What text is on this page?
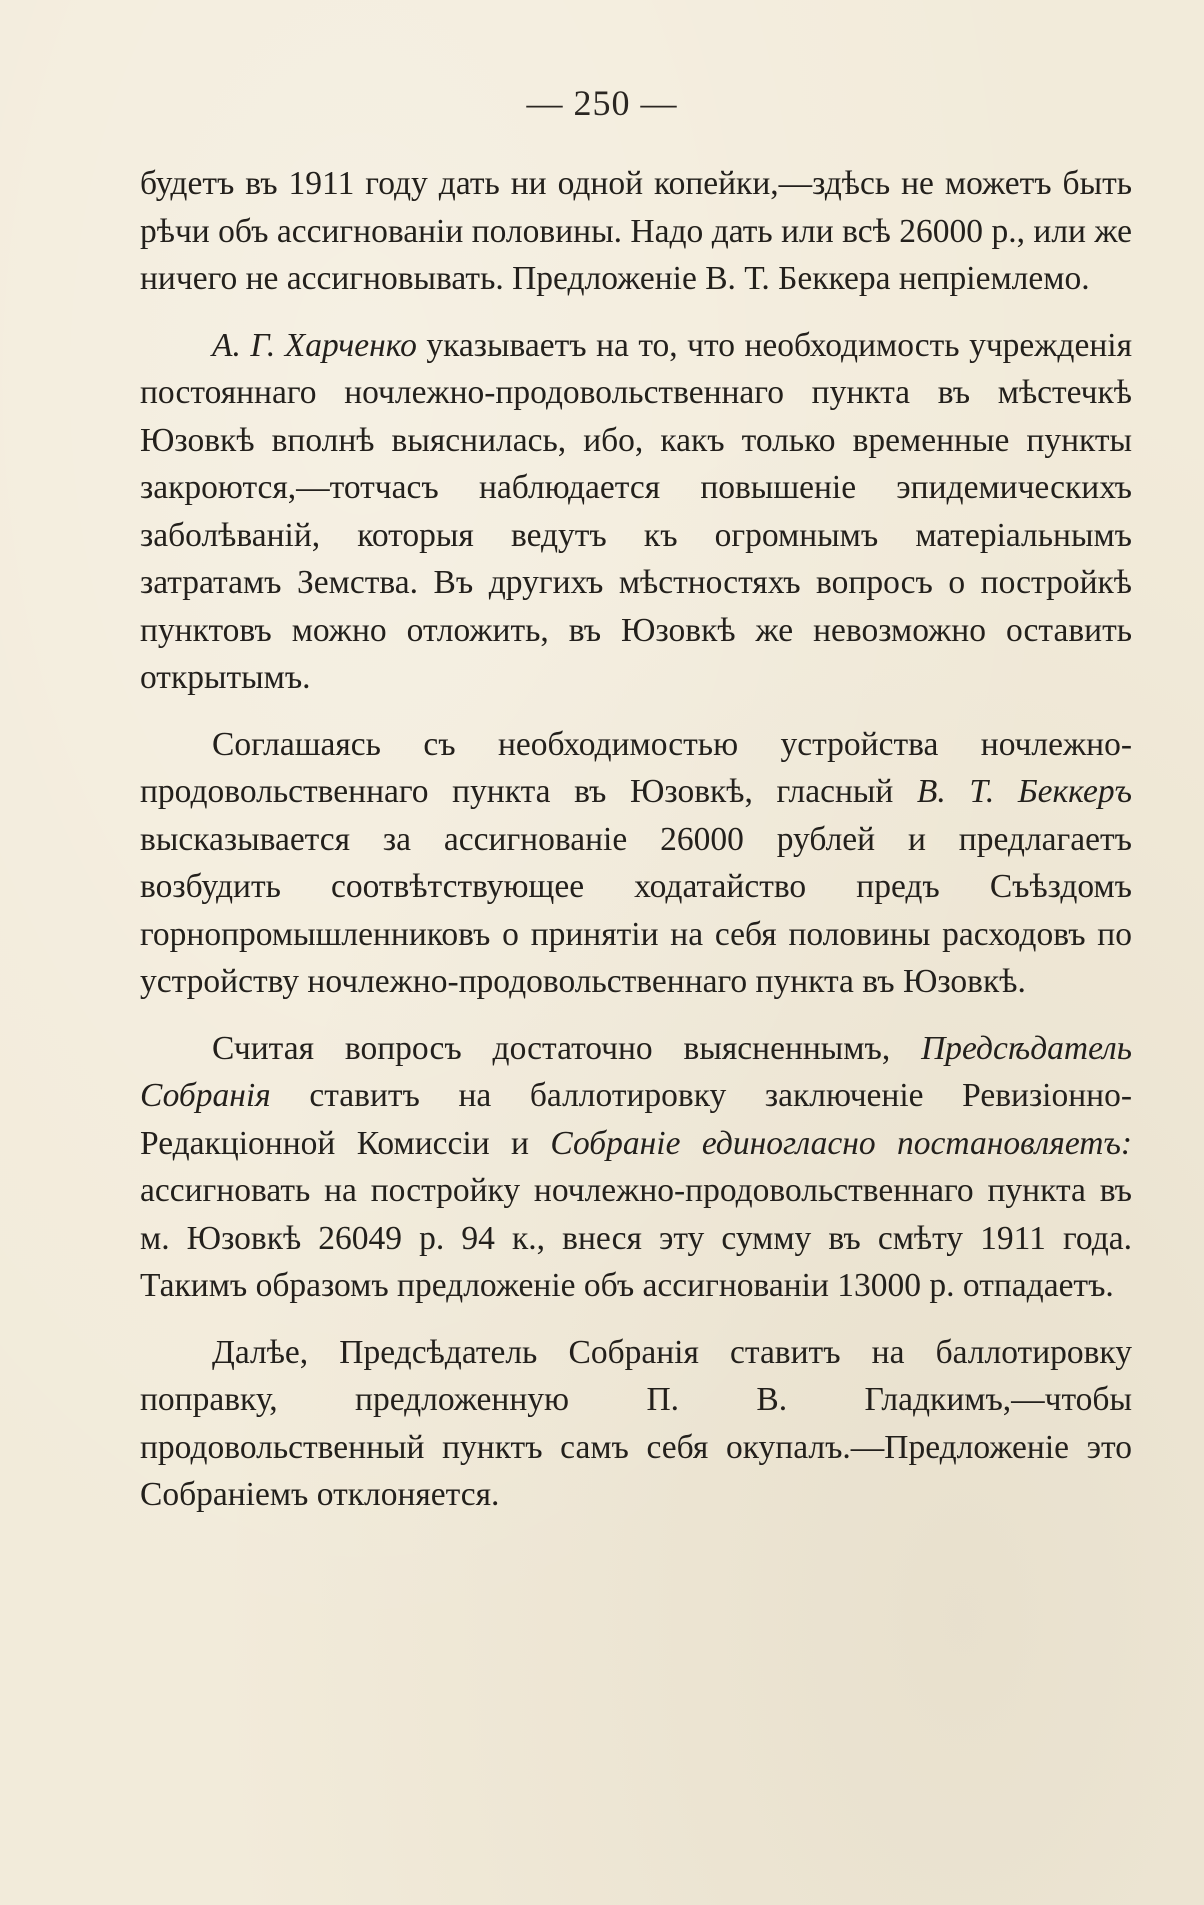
— 250 —

будетъ въ 1911 году дать ни одной копейки,—здѣсь не можетъ быть рѣчи объ ассигнованіи половины. Надо дать или всѣ 26000 р., или же ничего не ассигновывать. Предложеніе В. Т. Беккера непріемлемо.

А. Г. Харченко указываетъ на то, что необходимость учрежденія постояннаго ночлежно-продовольственнаго пункта въ мѣстечкѣ Юзовкѣ вполнѣ выяснилась, ибо, какъ только временные пункты закроются,—тотчасъ наблюдается повышеніе эпидемическихъ заболѣваній, которыя ведутъ къ огромнымъ матеріальнымъ затратамъ Земства. Въ другихъ мѣстностяхъ вопросъ о постройкѣ пунктовъ можно отложить, въ Юзовкѣ же невозможно оставить открытымъ.

Соглашаясь съ необходимостью устройства ночлежно-продовольственнаго пункта въ Юзовкѣ, гласный В. Т. Беккеръ высказывается за ассигнованіе 26000 рублей и предлагаетъ возбудить соотвѣтствующее ходатайство предъ Съѣздомъ горнопромышленниковъ о принятіи на себя половины расходовъ по устройству ночлежно-продовольственнаго пункта въ Юзовкѣ.

Считая вопросъ достаточно выясненнымъ, Предсѣдатель Собранія ставитъ на баллотировку заключеніе Ревизіонно-Редакціонной Комиссіи и Собраніе единогласно постановляетъ: ассигновать на постройку ночлежно-продовольственнаго пункта въ м. Юзовкѣ 26049 р. 94 к., внеся эту сумму въ смѣту 1911 года. Такимъ образомъ предложеніе объ ассигнованіи 13000 р. отпадаетъ.

Далѣе, Предсѣдатель Собранія ставитъ на баллотировку поправку, предложенную П. В. Гладкимъ,—чтобы продовольственный пунктъ самъ себя окупалъ.—Предложеніе это Собраніемъ отклоняется.
